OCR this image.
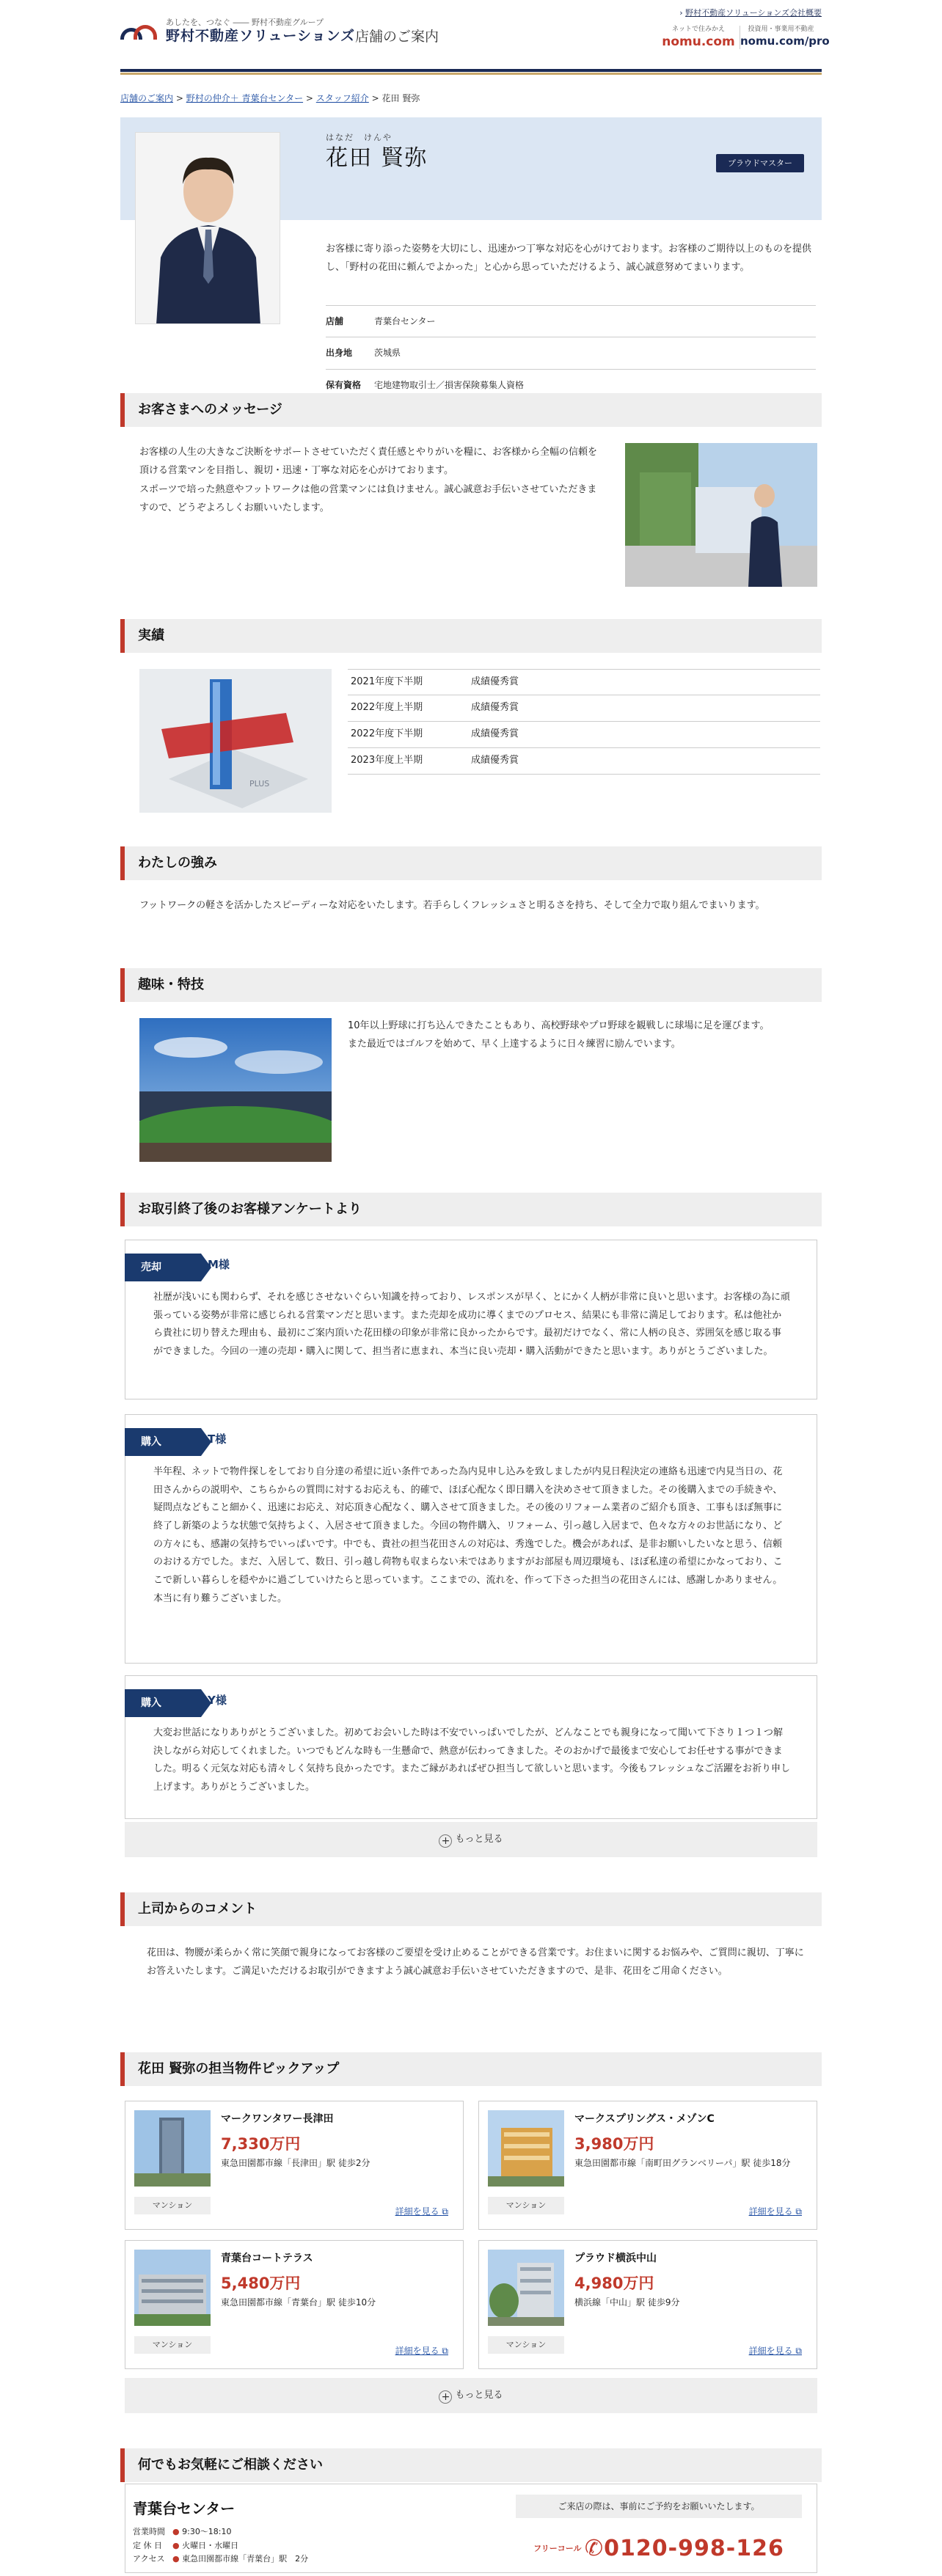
あしたを、つなぐ ―― 野村不動産グループ
野村不動産ソリューションズ 店舗のご案内
› 野村不動産ソリューションズ会社概要
ネットで住みかえ
nomu.com
投資用・事業用不動産
nomu.com/pro
店舗のご案内 > 野村の仲介＋ 青葉台センター > スタッフ紹介 > 花田 賢弥
はなだ　けんや
花田 賢弥	プラウドマスター
お客様に寄り添った姿勢を大切にし、迅速かつ丁寧な対応を心がけております。お客様のご期待以上のものを提供し、「野村の花田に頼んでよかった」と心から思っていただけるよう、誠心誠意努めてまいります。
店舗	青葉台センター
出身地	茨城県
保有資格	宅地建物取引士／損害保険募集人資格
お客さまへのメッセージ
お客様の人生の大きなご決断をサポートさせていただく責任感とやりがいを糧に、お客様から全幅の信頼を頂ける営業マンを目指し、親切・迅速・丁寧な対応を心がけております。
スポーツで培った熱意やフットワークは他の営業マンには負けません。誠心誠意お手伝いさせていただきますので、どうぞよろしくお願いいたします。
実績
PLUS
2021年度下半期	成績優秀賞
2022年度上半期	成績優秀賞
2022年度下半期	成績優秀賞
2023年度上半期	成績優秀賞
わたしの強み
フットワークの軽さを活かしたスピーディーな対応をいたします。若手らしくフレッシュさと明るさを持ち、そして全力で取り組んでまいります。
趣味・特技
10年以上野球に打ち込んできたこともあり、高校野球やプロ野球を観戦しに球場に足を運びます。
また最近ではゴルフを始めて、早く上達するように日々練習に励んでいます。
お取引終了後のお客様アンケートより
売却	M様
社歴が浅いにも関わらず、それを感じさせないぐらい知識を持っており、レスポンスが早く、とにかく人柄が非常に良いと思います。お客様の為に頑張っている姿勢が非常に感じられる営業マンだと思います。また売却を成功に導くまでのプロセス、結果にも非常に満足しております。私は他社から貴社に切り替えた理由も、最初にご案内頂いた花田様の印象が非常に良かったからです。最初だけでなく、常に人柄の良さ、雰囲気を感じ取る事ができました。今回の一連の売却・購入に関して、担当者に恵まれ、本当に良い売却・購入活動ができたと思います。ありがとうございました。
購入	T様
半年程、ネットで物件探しをしており自分達の希望に近い条件であった為内見申し込みを致しましたが内見日程決定の連絡も迅速で内見当日の、花田さんからの説明や、こちらからの質問に対するお応えも、的確で、ほぼ心配なく即日購入を決めさせて頂きました。その後購入までの手続きや、疑問点などもこと細かく、迅速にお応え、対応頂き心配なく、購入させて頂きました。その後のリフォーム業者のご紹介も頂き、工事もほぼ無事に終了し新築のような状態で気持ちよく、入居させて頂きました。今回の物件購入、リフォーム、引っ越し入居まで、色々な方々のお世話になり、どの方々にも、感謝の気持ちでいっぱいです。中でも、貴社の担当花田さんの対応は、秀逸でした。機会があれば、是非お願いしたいなと思う、信頼のおける方でした。まだ、入居して、数日、引っ越し荷物も収まらない未ではありますがお部屋も周辺環境も、ほぼ私達の希望にかなっており、ここで新しい暮らしを穏やかに過ごしていけたらと思っています。ここまでの、流れを、作って下さった担当の花田さんには、感謝しかありません。本当に有り難うございました。
購入	Y様
大変お世話になりありがとうございました。初めてお会いした時は不安でいっぱいでしたが、どんなことでも親身になって聞いて下さり１つ１つ解決しながら対応してくれました。いつでもどんな時も一生懸命で、熱意が伝わってきました。そのおかげで最後まで安心してお任せする事ができました。明るく元気な対応も清々しく気持ち良かったです。またご縁があればぜひ担当して欲しいと思います。今後もフレッシュなご活躍をお祈り申し上げます。ありがとうございました。
+ もっと見る
上司からのコメント
花田は、物腰が柔らかく常に笑顔で親身になってお客様のご要望を受け止めることができる営業です。お住まいに関するお悩みや、ご質問に親切、丁寧にお答えいたします。ご満足いただけるお取引ができますよう誠心誠意お手伝いさせていただきますので、是非、花田をご用命ください。
花田 賢弥の担当物件ピックアップ
マンション
マークワンタワー長津田
7,330万円
東急田園都市線「長津田」駅 徒歩2分
詳細を見る ⧉
マンション
マークスプリングス・メゾンC
3,980万円
東急田園都市線「南町田グランベリーパ」駅 徒歩18分
詳細を見る ⧉
マンション
青葉台コートテラス
5,480万円
東急田園都市線「青葉台」駅 徒歩10分
詳細を見る ⧉
マンション
プラウド横浜中山
4,980万円
横浜線「中山」駅 徒歩9分
詳細を見る ⧉
+ もっと見る
何でもお気軽にご相談ください
青葉台センター
営業時間 ● 9:30～18:10
定 休 日 ● 火曜日・水曜日
アクセス ● 東急田園都市線「青葉台」駅　2分
ご来店の際は、事前にご予約をお願いいたします。
$^{フリーコール}$ ✆0120-998-126
